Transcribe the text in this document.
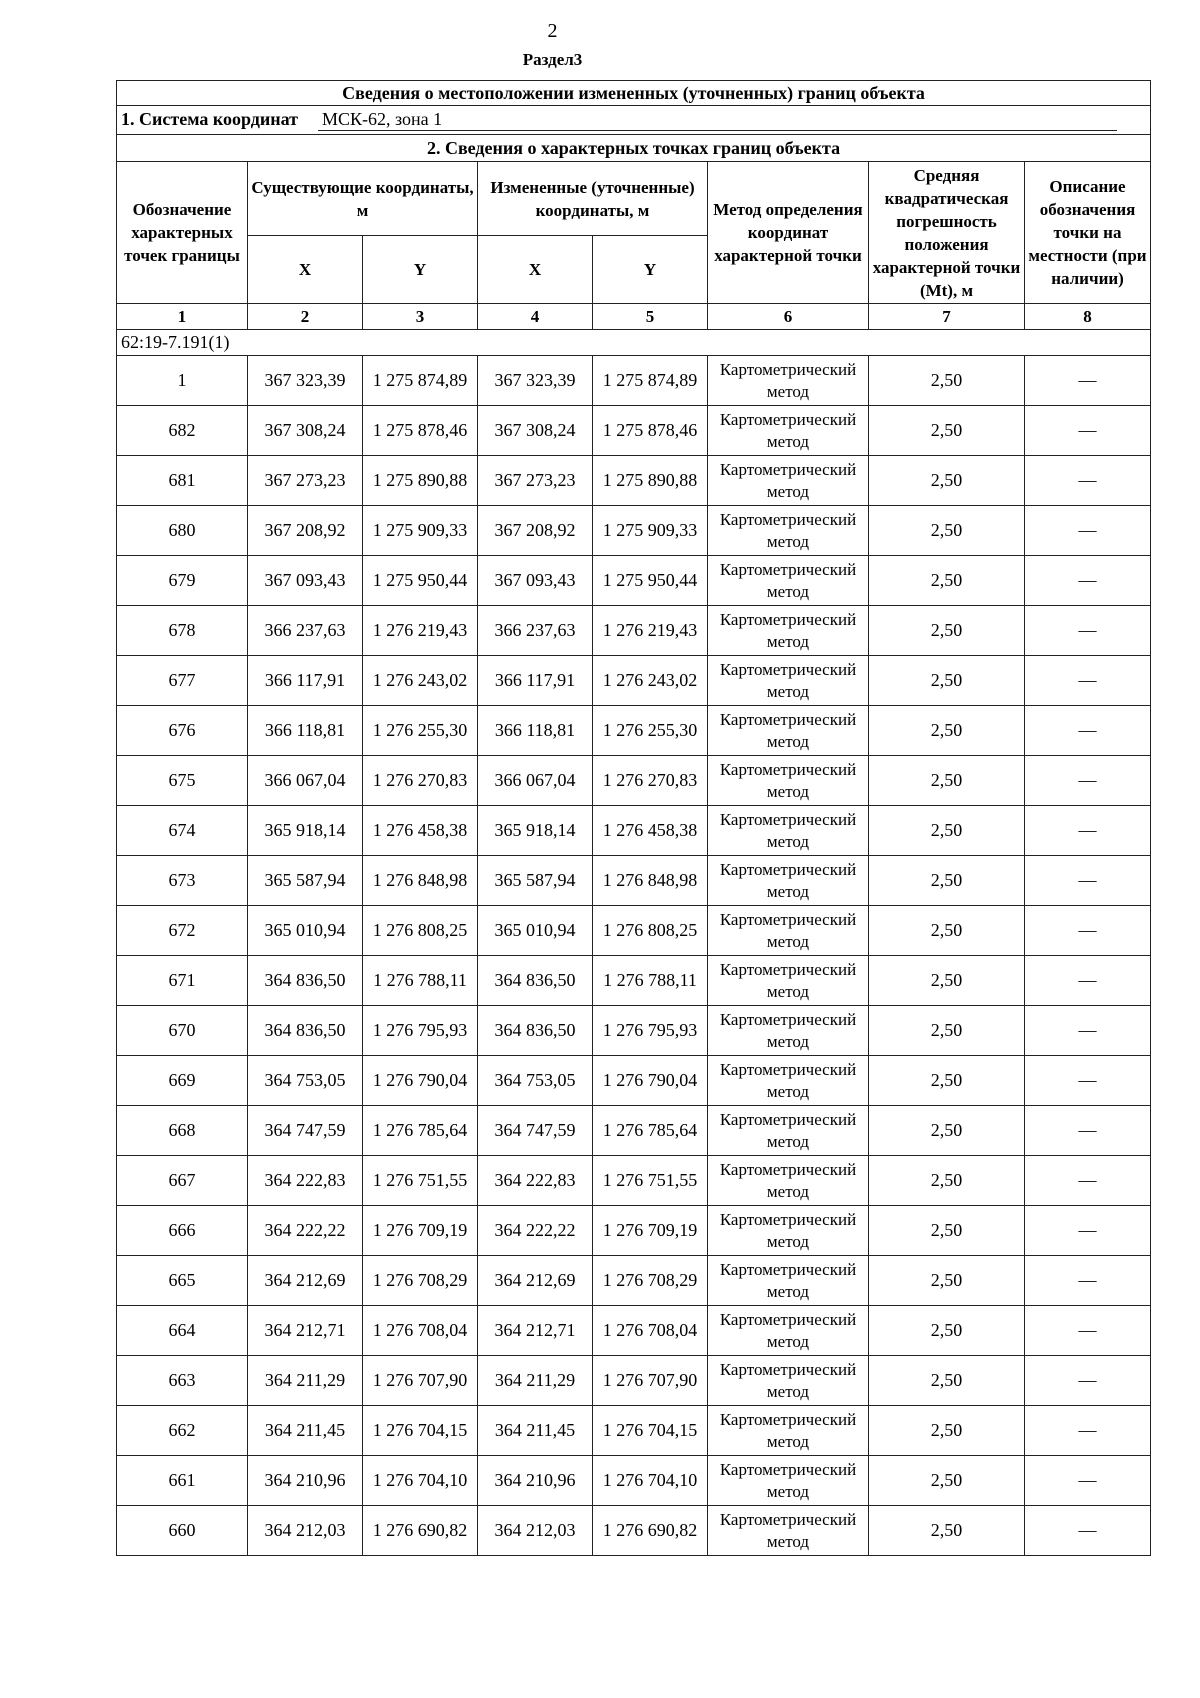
2
Раздел3
Сведения о местоположении измененных (уточненных) границ объекта							
1. Система координат МСК-62, зона 1							
2. Сведения о характерных точках границ объекта							
Обозначение характерных точек границы	Существующие координаты, м		Измененные (уточненные) координаты, м		Метод определения координат характерной точки	Средняя квадратическая погрешность положения характерной точки (Mt), м	Описание обозначения точки на местности (при наличии)
	X	Y	X	Y			
1	2	3	4	5	6	7	8
62:19-7.191(1)							
1	367 323,39	1 275 874,89	367 323,39	1 275 874,89	Картометрический метод	2,50	—
682	367 308,24	1 275 878,46	367 308,24	1 275 878,46	Картометрический метод	2,50	—
681	367 273,23	1 275 890,88	367 273,23	1 275 890,88	Картометрический метод	2,50	—
680	367 208,92	1 275 909,33	367 208,92	1 275 909,33	Картометрический метод	2,50	—
679	367 093,43	1 275 950,44	367 093,43	1 275 950,44	Картометрический метод	2,50	—
678	366 237,63	1 276 219,43	366 237,63	1 276 219,43	Картометрический метод	2,50	—
677	366 117,91	1 276 243,02	366 117,91	1 276 243,02	Картометрический метод	2,50	—
676	366 118,81	1 276 255,30	366 118,81	1 276 255,30	Картометрический метод	2,50	—
675	366 067,04	1 276 270,83	366 067,04	1 276 270,83	Картометрический метод	2,50	—
674	365 918,14	1 276 458,38	365 918,14	1 276 458,38	Картометрический метод	2,50	—
673	365 587,94	1 276 848,98	365 587,94	1 276 848,98	Картометрический метод	2,50	—
672	365 010,94	1 276 808,25	365 010,94	1 276 808,25	Картометрический метод	2,50	—
671	364 836,50	1 276 788,11	364 836,50	1 276 788,11	Картометрический метод	2,50	—
670	364 836,50	1 276 795,93	364 836,50	1 276 795,93	Картометрический метод	2,50	—
669	364 753,05	1 276 790,04	364 753,05	1 276 790,04	Картометрический метод	2,50	—
668	364 747,59	1 276 785,64	364 747,59	1 276 785,64	Картометрический метод	2,50	—
667	364 222,83	1 276 751,55	364 222,83	1 276 751,55	Картометрический метод	2,50	—
666	364 222,22	1 276 709,19	364 222,22	1 276 709,19	Картометрический метод	2,50	—
665	364 212,69	1 276 708,29	364 212,69	1 276 708,29	Картометрический метод	2,50	—
664	364 212,71	1 276 708,04	364 212,71	1 276 708,04	Картометрический метод	2,50	—
663	364 211,29	1 276 707,90	364 211,29	1 276 707,90	Картометрический метод	2,50	—
662	364 211,45	1 276 704,15	364 211,45	1 276 704,15	Картометрический метод	2,50	—
661	364 210,96	1 276 704,10	364 210,96	1 276 704,10	Картометрический метод	2,50	—
660	364 212,03	1 276 690,82	364 212,03	1 276 690,82	Картометрический метод	2,50	—
